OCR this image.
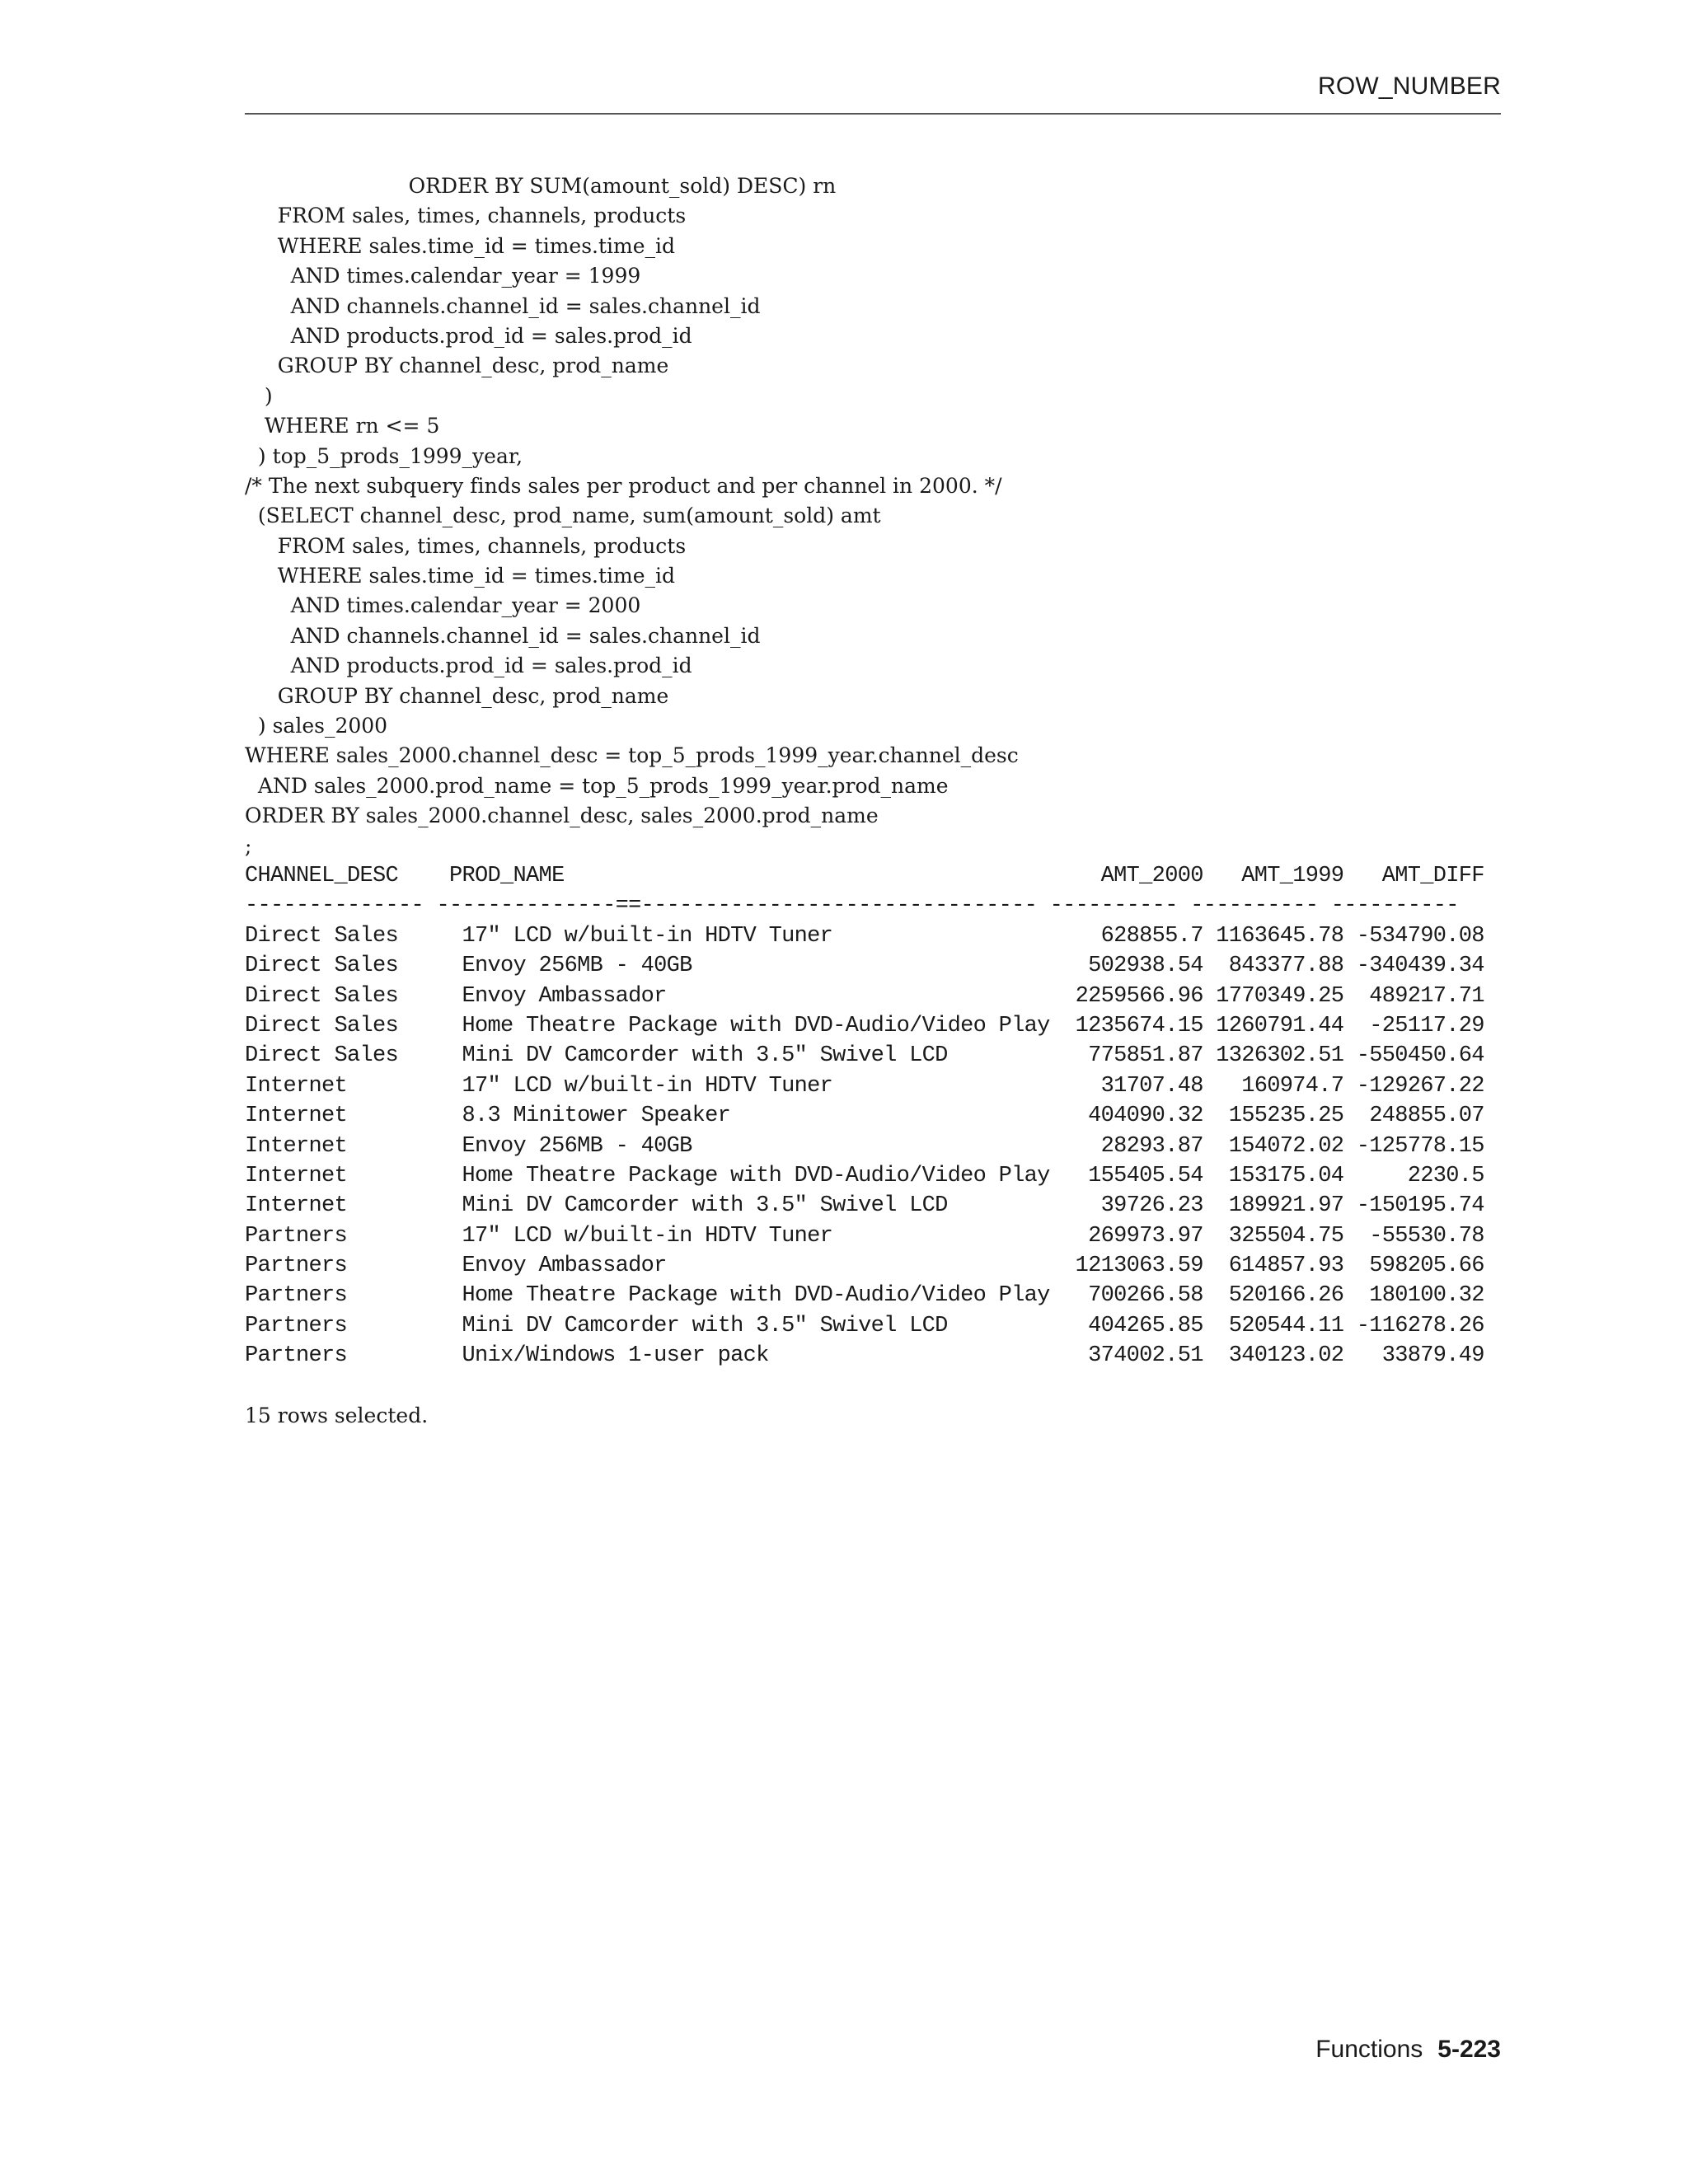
ROW_NUMBER
ORDER BY SUM(amount_sold) DESC) rn
FROM sales, times, channels, products
WHERE sales.time_id = times.time_id
AND times.calendar_year = 1999
AND channels.channel_id = sales.channel_id
AND products.prod_id = sales.prod_id
GROUP BY channel_desc, prod_name
)
WHERE rn <= 5
) top_5_prods_1999_year,
/* The next subquery finds sales per product and per channel in 2000. */
(SELECT channel_desc, prod_name, sum(amount_sold) amt
FROM sales, times, channels, products
WHERE sales.time_id = times.time_id
AND times.calendar_year = 2000
AND channels.channel_id = sales.channel_id
AND products.prod_id = sales.prod_id
GROUP BY channel_desc, prod_name
) sales_2000
WHERE sales_2000.channel_desc = top_5_prods_1999_year.channel_desc
AND sales_2000.prod_name = top_5_prods_1999_year.prod_name
ORDER BY sales_2000.channel_desc, sales_2000.prod_name
;
CHANNEL_DESC    PROD_NAME                                          AMT_2000   AMT_1999   AMT_DIFF
-------------- --------------==------------------------------- ---------- ---------- ----------
Direct Sales     17" LCD w/built-in HDTV Tuner                     628855.7 1163645.78 -534790.08
Direct Sales     Envoy 256MB - 40GB                               502938.54  843377.88 -340439.34
Direct Sales     Envoy Ambassador                                2259566.96 1770349.25  489217.71
Direct Sales     Home Theatre Package with DVD-Audio/Video Play  1235674.15 1260791.44  -25117.29
Direct Sales     Mini DV Camcorder with 3.5" Swivel LCD           775851.87 1326302.51 -550450.64
Internet         17" LCD w/built-in HDTV Tuner                     31707.48   160974.7 -129267.22
Internet         8.3 Minitower Speaker                            404090.32  155235.25  248855.07
Internet         Envoy 256MB - 40GB                                28293.87  154072.02 -125778.15
Internet         Home Theatre Package with DVD-Audio/Video Play   155405.54  153175.04     2230.5
Internet         Mini DV Camcorder with 3.5" Swivel LCD            39726.23  189921.97 -150195.74
Partners         17" LCD w/built-in HDTV Tuner                    269973.97  325504.75  -55530.78
Partners         Envoy Ambassador                                1213063.59  614857.93  598205.66
Partners         Home Theatre Package with DVD-Audio/Video Play   700266.58  520166.26  180100.32
Partners         Mini DV Camcorder with 3.5" Swivel LCD           404265.85  520544.11 -116278.26
Partners         Unix/Windows 1-user pack                         374002.51  340123.02   33879.49
15 rows selected.
Functions 5-223
